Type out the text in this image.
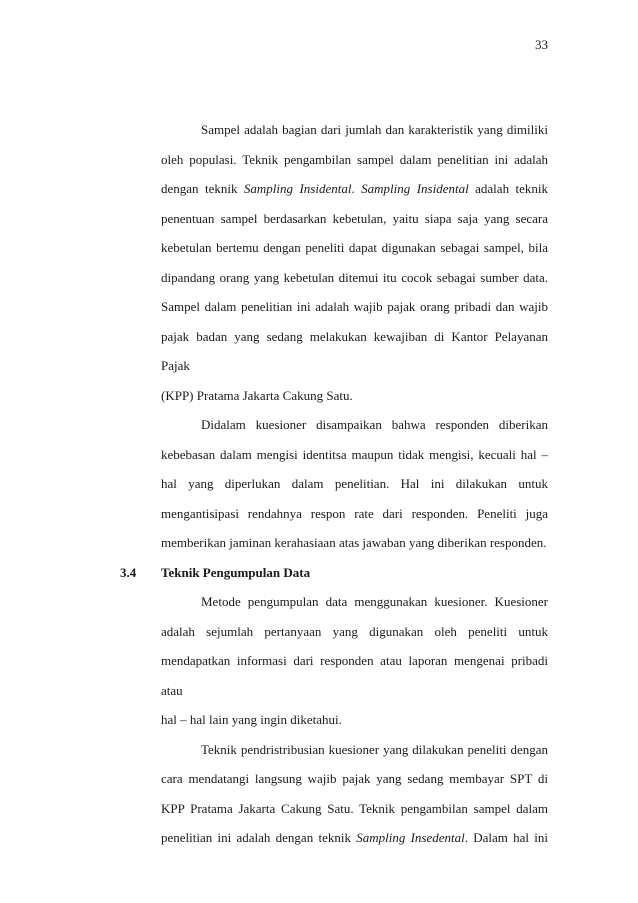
33

Sampel adalah bagian dari jumlah dan karakteristik yang dimiliki

oleh populasi. Teknik pengambilan sampel dalam penelitian ini adalah

dengan teknik Sampling Insidental. Sampling Insidental adalah teknik

penentuan sampel berdasarkan kebetulan, yaitu siapa saja yang secara

kebetulan bertemu dengan peneliti dapat digunakan sebagai sampel, bila

dipandang orang yang kebetulan ditemui itu cocok sebagai sumber data.

Sampel dalam penelitian ini adalah wajib pajak orang pribadi dan wajib

pajak badan yang sedang melakukan kewajiban di Kantor Pelayanan Pajak

(KPP) Pratama Jakarta Cakung Satu.

Didalam kuesioner disampaikan bahwa responden diberikan

kebebasan dalam mengisi identitsa maupun tidak mengisi, kecuali hal –

hal yang diperlukan dalam penelitian. Hal ini dilakukan untuk

mengantisipasi rendahnya respon rate dari responden. Peneliti juga

memberikan jaminan kerahasiaan atas jawaban yang diberikan responden.

3.4 Teknik Pengumpulan Data

Metode pengumpulan data menggunakan kuesioner. Kuesioner

adalah sejumlah pertanyaan yang digunakan oleh peneliti untuk

mendapatkan informasi dari responden atau laporan mengenai pribadi atau

hal – hal lain yang ingin diketahui.

Teknik pendristribusian kuesioner yang dilakukan peneliti dengan

cara mendatangi langsung wajib pajak yang sedang membayar SPT di

KPP Pratama Jakarta Cakung Satu. Teknik pengambilan sampel dalam

penelitian ini adalah dengan teknik Sampling Insedental. Dalam hal ini
